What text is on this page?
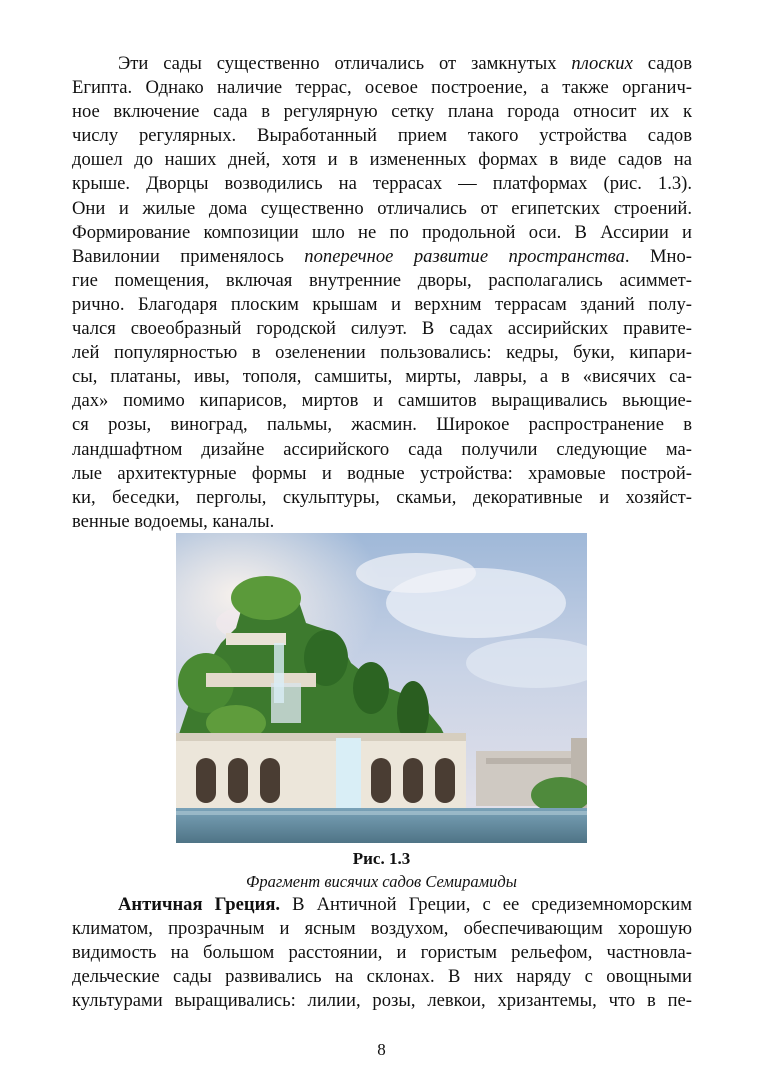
Эти сады существенно отличались от замкнутых плоских садов
Египта. Однако наличие террас, осевое построение, а также органич-
ное включение сада в регулярную сетку плана города относит их к
числу регулярных. Выработанный прием такого устройства садов
дошел до наших дней, хотя и в измененных формах в виде садов на
крыше. Дворцы возводились на террасах — платформах (рис. 1.3).
Они и жилые дома существенно отличались от египетских строений.
Формирование композиции шло не по продольной оси. В Ассирии и
Вавилонии применялось поперечное развитие пространства. Мно-
гие помещения, включая внутренние дворы, располагались асиммет-
рично. Благодаря плоским крышам и верхним террасам зданий полу-
чался своеобразный городской силуэт. В садах ассирийских правите-
лей популярностью в озеленении пользовались: кедры, буки, кипари-
сы, платаны, ивы, тополя, самшиты, мирты, лавры, а в «висячих са-
дах» помимо кипарисов, миртов и самшитов выращивались вьющие-
ся розы, виноград, пальмы, жасмин. Широкое распространение в
ландшафтном дизайне ассирийского сада получили следующие ма-
лые архитектурные формы и водные устройства: храмовые построй-
ки, беседки, перголы, скульптуры, скамьи, декоративные и хозяйст-
венные водоемы, каналы.
Рис. 1.3
Фрагмент висячих садов Семирамиды
Античная Греция. В Античной Греции, с ее средиземноморским
климатом, прозрачным и ясным воздухом, обеспечивающим хорошую
видимость на большом расстоянии, и гористым рельефом, частновла-
дельческие сады развивались на склонах. В них наряду с овощными
культурами выращивались: лилии, розы, левкои, хризантемы, что в пе-
8
